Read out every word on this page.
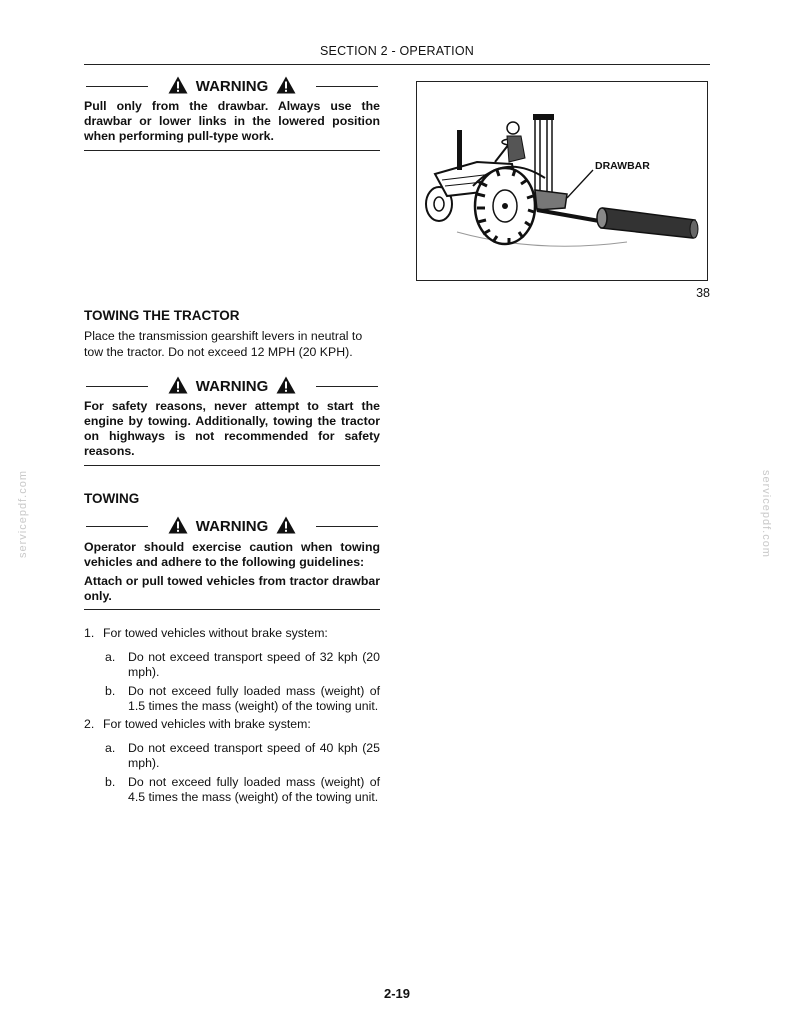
SECTION 2 - OPERATION
WARNING
Pull only from the drawbar. Always use the drawbar or lower links in the lowered position when performing pull-type work.
DRAWBAR
38
TOWING THE TRACTOR
Place the transmission gearshift levers in neutral to tow the tractor. Do not exceed 12 MPH (20 KPH).
WARNING
For safety reasons, never attempt to start the engine by towing. Additionally, towing the tractor on highways is not recommended for safety reasons.
TOWING
WARNING
Operator should exercise caution when towing vehicles and adhere to the following guidelines:
Attach or pull towed vehicles from tractor drawbar only.
1. For towed vehicles without brake system:
a. Do not exceed transport speed of 32 kph (20 mph).
b. Do not exceed fully loaded mass (weight) of 1.5 times the mass (weight) of the towing unit.
2. For towed vehicles with brake system:
a. Do not exceed transport speed of 40 kph (25 mph).
b. Do not exceed fully loaded mass (weight) of 4.5 times the mass (weight) of the towing unit.
servicepdf.com	servicepdf.com
2-19
